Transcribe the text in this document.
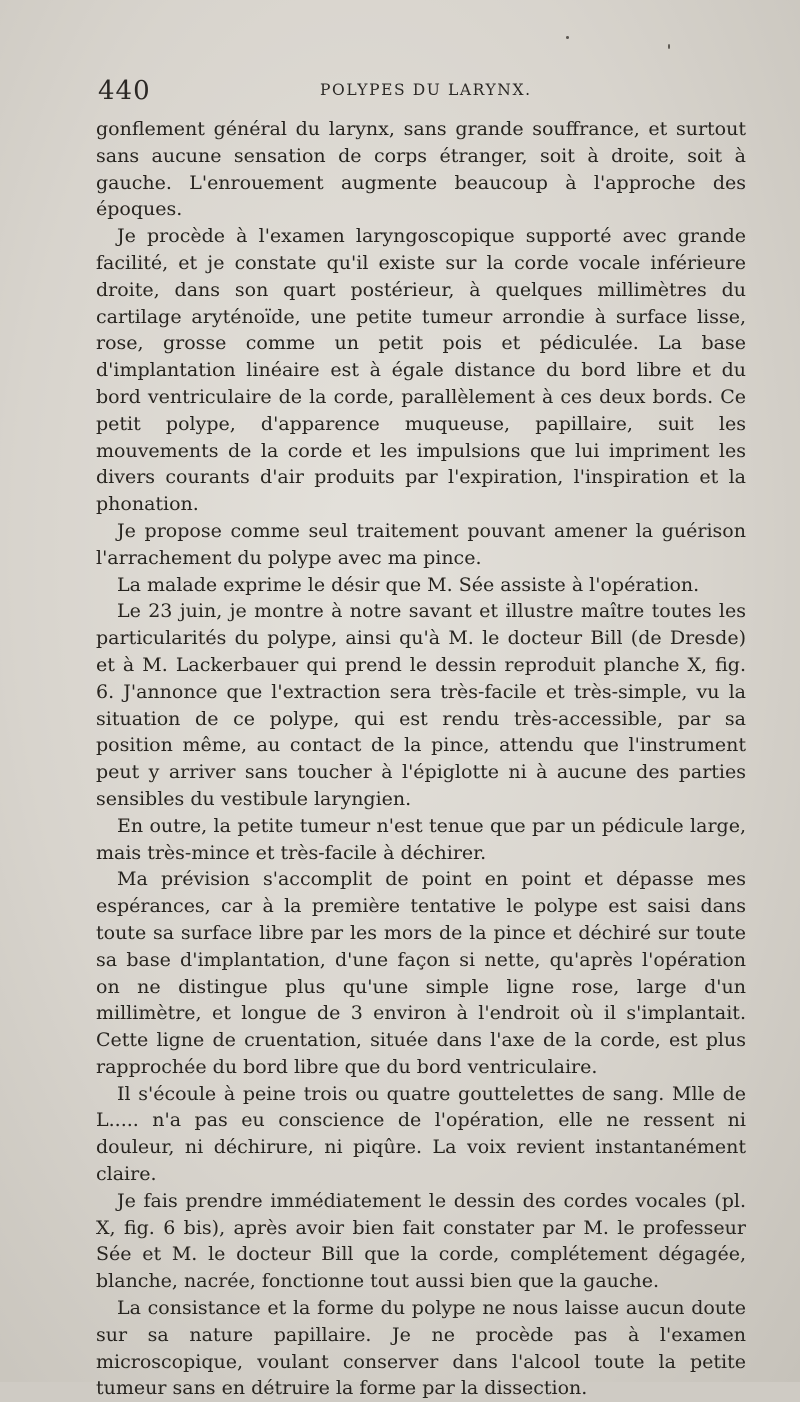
440	POLYPES DU LARYNX.

gonflement général du larynx, sans grande souffrance, et surtout sans aucune sensation de corps étranger, soit à droite, soit à gauche. L'enrouement augmente beaucoup à l'approche des époques.

Je procède à l'examen laryngoscopique supporté avec grande facilité, et je constate qu'il existe sur la corde vocale inférieure droite, dans son quart postérieur, à quelques millimètres du cartilage aryténoïde, une petite tumeur arrondie à surface lisse, rose, grosse comme un petit pois et pédiculée. La base d'implantation linéaire est à égale distance du bord libre et du bord ventriculaire de la corde, parallèlement à ces deux bords. Ce petit polype, d'apparence muqueuse, papillaire, suit les mouvements de la corde et les impulsions que lui impriment les divers courants d'air produits par l'expiration, l'inspiration et la phonation.

Je propose comme seul traitement pouvant amener la guérison l'arrachement du polype avec ma pince.

La malade exprime le désir que M. Sée assiste à l'opération.

Le 23 juin, je montre à notre savant et illustre maître toutes les particularités du polype, ainsi qu'à M. le docteur Bill (de Dresde) et à M. Lackerbauer qui prend le dessin reproduit planche X, fig. 6. J'annonce que l'extraction sera très-facile et très-simple, vu la situation de ce polype, qui est rendu très-accessible, par sa position même, au contact de la pince, attendu que l'instrument peut y arriver sans toucher à l'épiglotte ni à aucune des parties sensibles du vestibule laryngien.

En outre, la petite tumeur n'est tenue que par un pédicule large, mais très-mince et très-facile à déchirer.

Ma prévision s'accomplit de point en point et dépasse mes espérances, car à la première tentative le polype est saisi dans toute sa surface libre par les mors de la pince et déchiré sur toute sa base d'implantation, d'une façon si nette, qu'après l'opération on ne distingue plus qu'une simple ligne rose, large d'un millimètre, et longue de 3 environ à l'endroit où il s'implantait. Cette ligne de cruentation, située dans l'axe de la corde, est plus rapprochée du bord libre que du bord ventriculaire.

Il s'écoule à peine trois ou quatre gouttelettes de sang. Mlle de L..... n'a pas eu conscience de l'opération, elle ne ressent ni douleur, ni déchirure, ni piqûre. La voix revient instantanément claire.

Je fais prendre immédiatement le dessin des cordes vocales (pl. X, fig. 6 bis), après avoir bien fait constater par M. le professeur Sée et M. le docteur Bill que la corde, complétement dégagée, blanche, nacrée, fonctionne tout aussi bien que la gauche.

La consistance et la forme du polype ne nous laisse aucun doute sur sa nature papillaire. Je ne procède pas à l'examen microscopique, voulant conserver dans l'alcool toute la petite tumeur sans en détruire la forme par la dissection.
